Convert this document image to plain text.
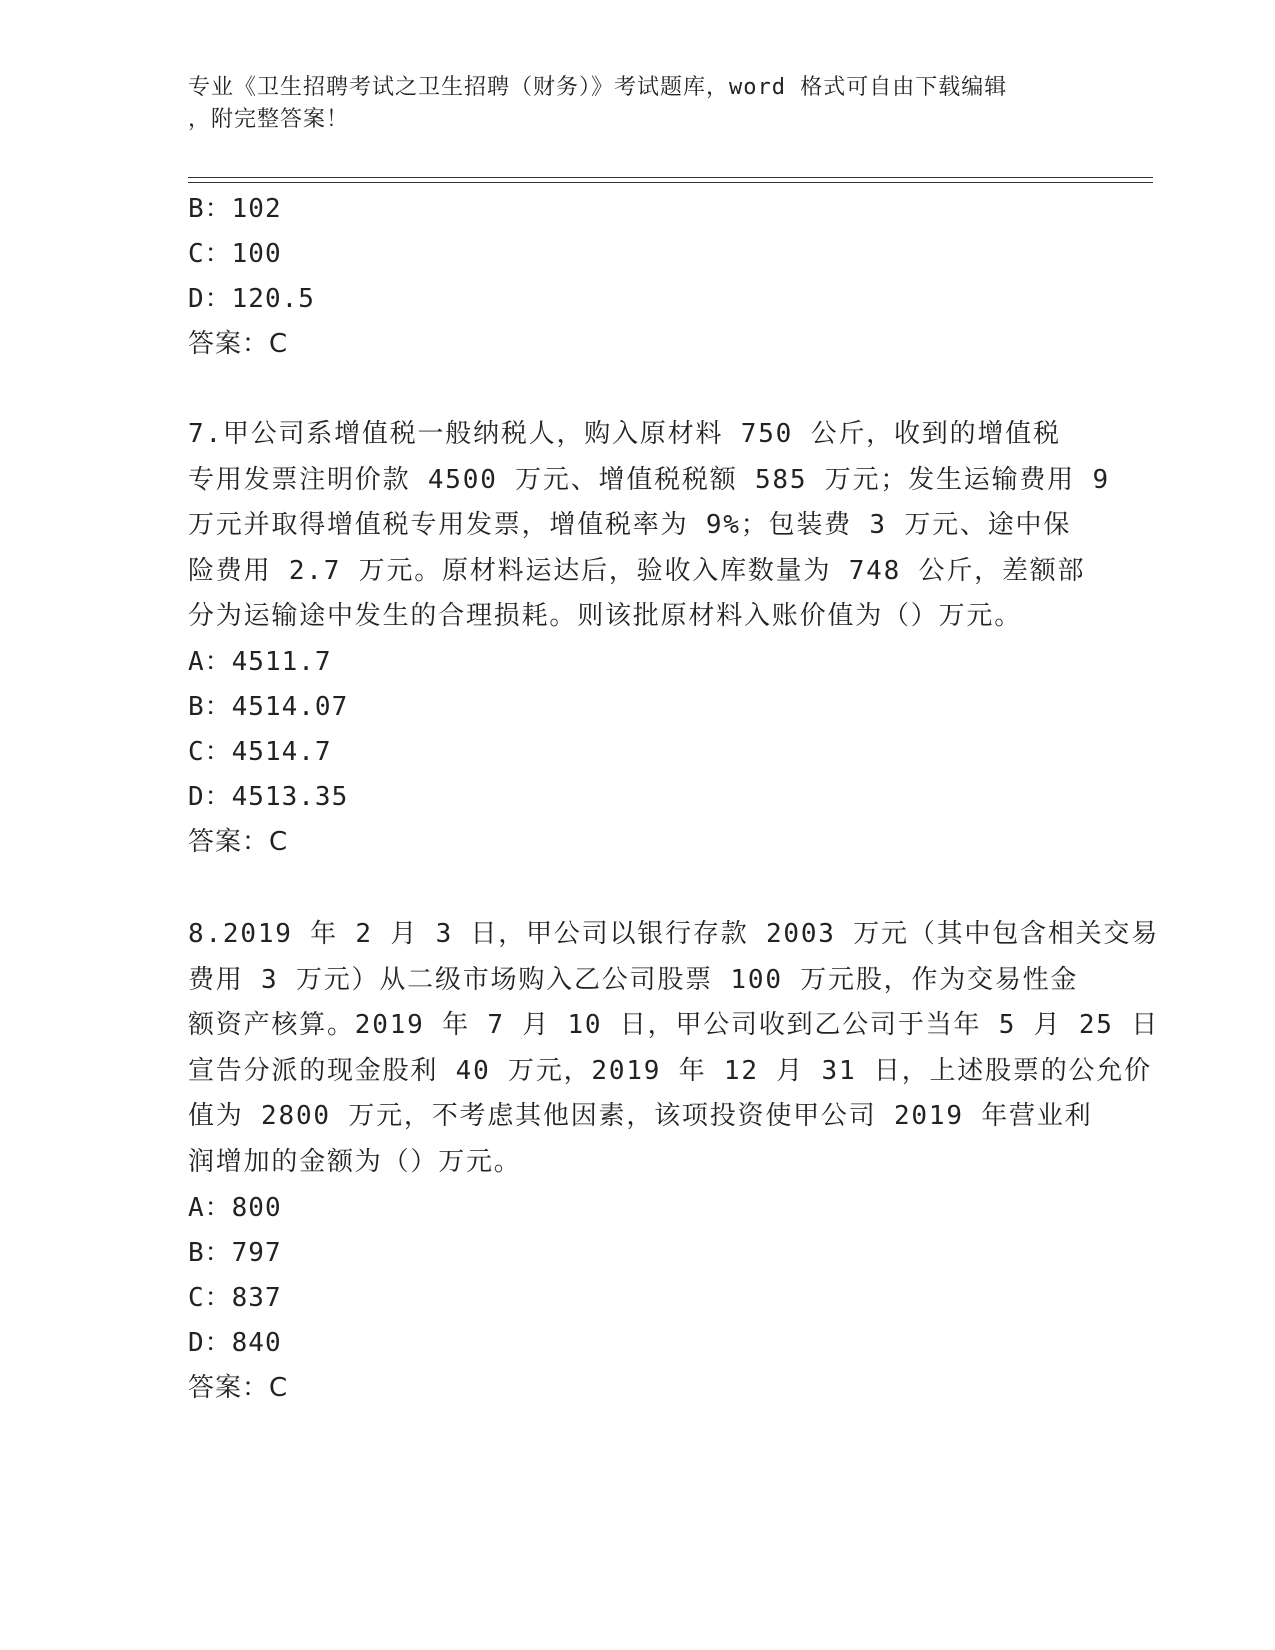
专业《卫生招聘考试之卫生招聘（财务）》考试题库，word 格式可自由下载编辑
，附完整答案！
B：102
C：100
D：120.5
答案：C
7.甲公司系增值税一般纳税人，购入原材料 750 公斤，收到的增值税
专用发票注明价款 4500 万元、增值税税额 585 万元；发生运输费用 9
万元并取得增值税专用发票，增值税率为 9%；包装费 3 万元、途中保
险费用 2.7 万元。原材料运达后，验收入库数量为 748 公斤，差额部
分为运输途中发生的合理损耗。则该批原材料入账价值为（）万元。
A：4511.7
B：4514.07
C：4514.7
D：4513.35
答案：C
8.2019 年 2 月 3 日，甲公司以银行存款 2003 万元（其中包含相关交易
费用 3 万元）从二级市场购入乙公司股票 100 万元股，作为交易性金
额资产核算。2019 年 7 月 10 日，甲公司收到乙公司于当年 5 月 25 日
宣告分派的现金股利 40 万元，2019 年 12 月 31 日，上述股票的公允价
值为 2800 万元，不考虑其他因素，该项投资使甲公司 2019 年营业利
润增加的金额为（）万元。
A：800
B：797
C：837
D：840
答案：C
